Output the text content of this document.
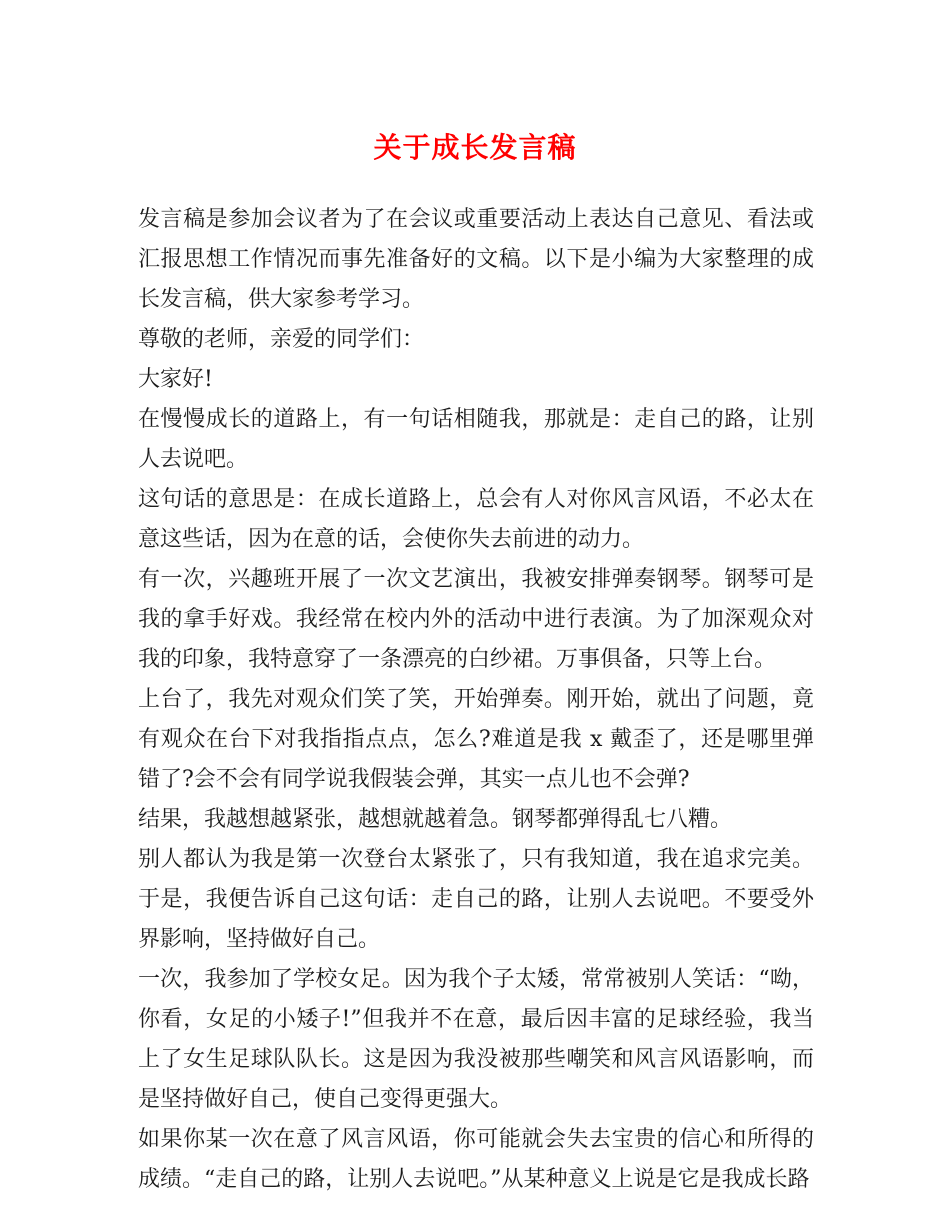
关于成长发言稿

发言稿是参加会议者为了在会议或重要活动上表达自己意见、看法或汇报思想工作情况而事先准备好的文稿。以下是小编为大家整理的成长发言稿，供大家参考学习。

尊敬的老师，亲爱的同学们：

大家好!

在慢慢成长的道路上，有一句话相随我，那就是：走自己的路，让别人去说吧。

这句话的意思是：在成长道路上，总会有人对你风言风语，不必太在意这些话，因为在意的话，会使你失去前进的动力。

有一次，兴趣班开展了一次文艺演出，我被安排弹奏钢琴。钢琴可是我的拿手好戏。我经常在校内外的活动中进行表演。为了加深观众对我的印象，我特意穿了一条漂亮的白纱裙。万事俱备，只等上台。

上台了，我先对观众们笑了笑，开始弹奏。刚开始，就出了问题，竟有观众在台下对我指指点点，怎么?难道是我 x 戴歪了，还是哪里弹错了?会不会有同学说我假装会弹，其实一点儿也不会弹?

结果，我越想越紧张，越想就越着急。钢琴都弹得乱七八糟。

别人都认为我是第一次登台太紧张了，只有我知道，我在追求完美。于是，我便告诉自己这句话：走自己的路，让别人去说吧。不要受外界影响，坚持做好自己。

一次，我参加了学校女足。因为我个子太矮，常常被别人笑话：“呦，你看，女足的小矮子!”但我并不在意，最后因丰富的足球经验，我当上了女生足球队队长。这是因为我没被那些嘲笑和风言风语影响，而是坚持做好自己，使自己变得更强大。

如果你某一次在意了风言风语，你可能就会失去宝贵的信心和所得的成绩。“走自己的路，让别人去说吧。”从某种意义上说是它是我成长路
